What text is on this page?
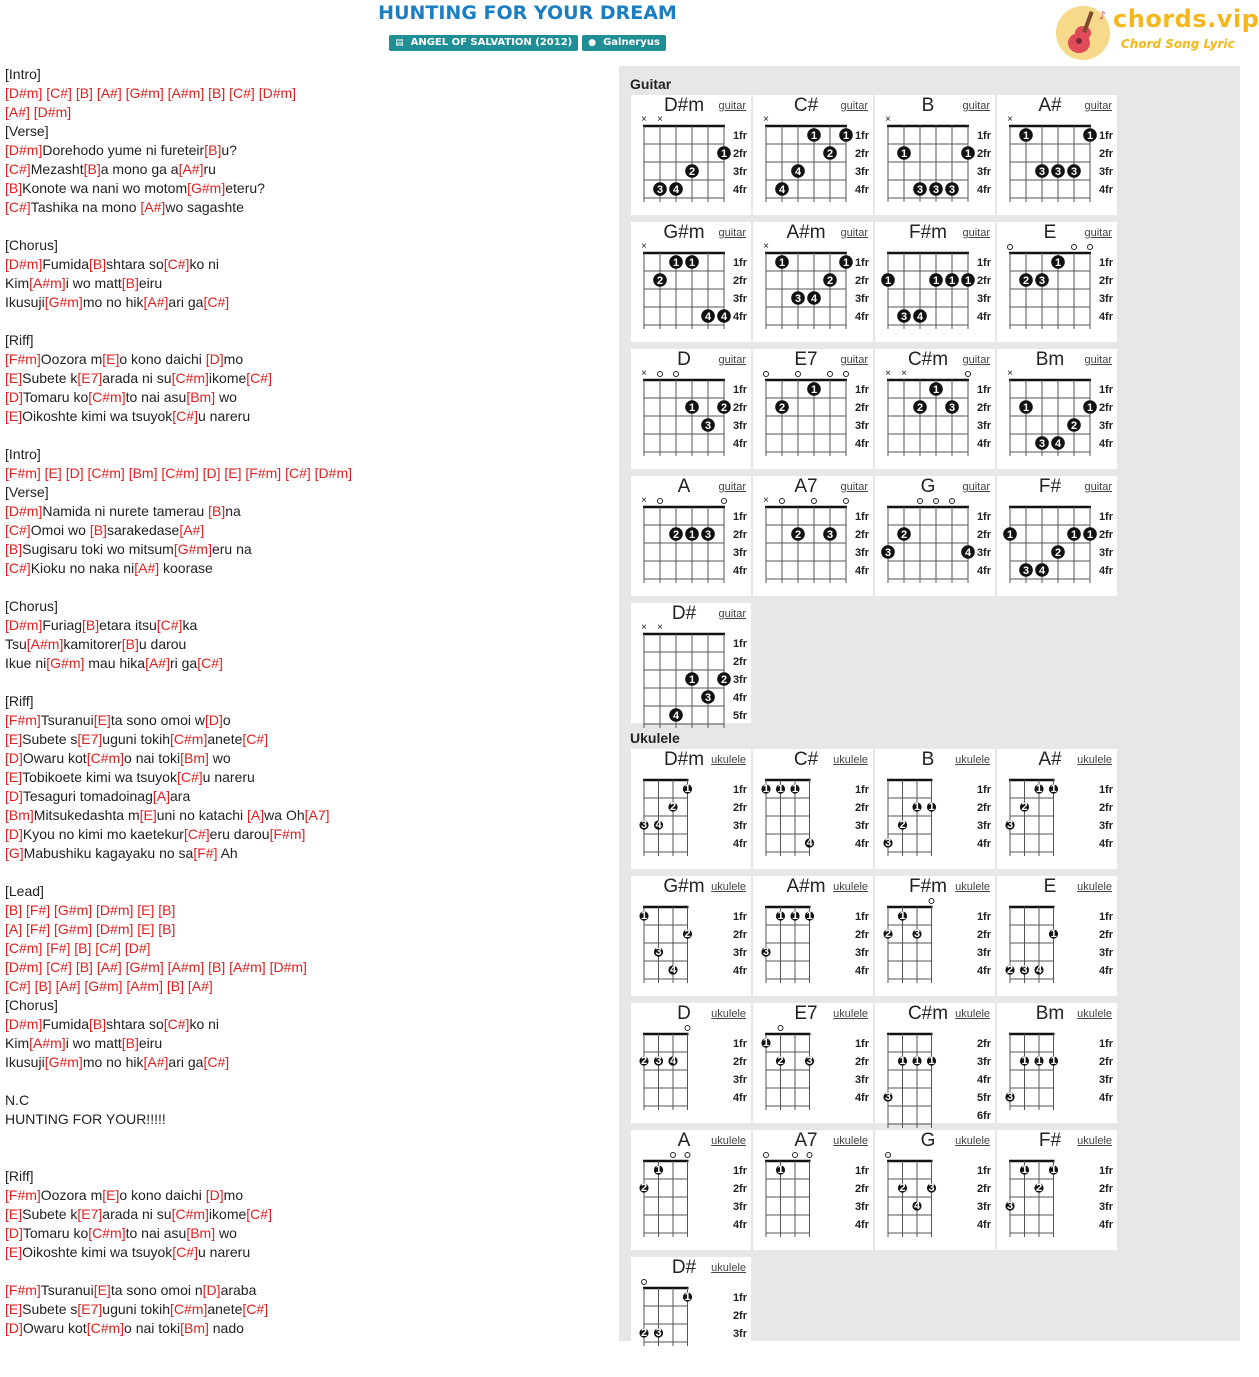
HUNTING FOR YOUR DREAM
▤ ANGEL OF SALVATION (2012) ● Galneryus
♪ chords.vip
Chord Song Lyric
[Intro]
[D#m] [C#] [B] [A#] [G#m] [A#m] [B] [C#] [D#m]
[A#] [D#m]
[Verse]
[D#m]Dorehodo yume ni fureteir[B]u?
[C#]Mezasht[B]a mono ga a[A#]ru
[B]Konote wa nani wo motom[G#m]eteru?
[C#]Tashika na mono [A#]wo sagashte

[Chorus]
[D#m]Fumida[B]shtara so[C#]ko ni
Kim[A#m]i wo matt[B]eiru
Ikusuji[G#m]mo no hik[A#]ari ga[C#]

[Riff]
[F#m]Oozora m[E]o kono daichi [D]mo
[E]Subete k[E7]arada ni su[C#m]ikome[C#]
[D]Tomaru ko[C#m]to nai asu[Bm] wo
[E]Oikoshte kimi wa tsuyok[C#]u nareru

[Intro]
[F#m] [E] [D] [C#m] [Bm] [C#m] [D] [E] [F#m] [C#] [D#m]
[Verse]
[D#m]Namida ni nurete tamerau [B]na
[C#]Omoi wo [B]sarakedase[A#]
[B]Sugisaru toki wo mitsum[G#m]eru na
[C#]Kioku no naka ni[A#] koorase

[Chorus]
[D#m]Furiag[B]etara itsu[C#]ka
Tsu[A#m]kamitorer[B]u darou
Ikue ni[G#m] mau hika[A#]ri ga[C#]

[Riff]
[F#m]Tsuranui[E]ta sono omoi w[D]o
[E]Subete s[E7]uguni tokih[C#m]anete[C#]
[D]Owaru kot[C#m]o nai toki[Bm] wo
[E]Tobikoete kimi wa tsuyok[C#]u nareru
[D]Tesaguri tomadoinag[A]ara
[Bm]Mitsukedashta m[E]uni no katachi [A]wa Oh[A7]
[D]Kyou no kimi mo kaetekur[C#]eru darou[F#m]
[G]Mabushiku kagayaku no sa[F#] Ah

[Lead]
[B] [F#] [G#m] [D#m] [E] [B]
[A] [F#] [G#m] [D#m] [E] [B]
[C#m] [F#] [B] [C#] [D#]
[D#m] [C#] [B] [A#] [G#m] [A#m] [B] [A#m] [D#m]
[C#] [B] [A#] [G#m] [A#m] [B] [A#]
[Chorus]
[D#m]Fumida[B]shtara so[C#]ko ni
Kim[A#m]i wo matt[B]eiru
Ikusuji[G#m]mo no hik[A#]ari ga[C#]

N.C
HUNTING FOR YOUR!!!!!

[Riff]
[F#m]Oozora m[E]o kono daichi [D]mo
[E]Subete k[E7]arada ni su[C#m]ikome[C#]
[D]Tomaru ko[C#m]to nai asu[Bm] wo
[E]Oikoshte kimi wa tsuyok[C#]u nareru

[F#m]Tsuranui[E]ta sono omoi n[D]araba
[E]Subete s[E7]uguni tokih[C#m]anete[C#]
[D]Owaru kot[C#m]o nai toki[Bm] nado
Guitar
Ukulele
D#m	guitar
1fr
2fr
3fr
4fr
× ×
1
2
3 4
C#	guitar
1fr
2fr
3fr
4fr
×
1 1
2
4
4
B	guitar
1fr
2fr
3fr
4fr
×
1	1
3 3 3
A#	guitar
1fr
2fr
3fr
4fr
×
1	1
3 3 3
G#m	guitar
1fr
2fr
3fr
4fr
×
1 1
2
4 4
A#m	guitar
1fr
2fr
3fr
4fr
×
1	1
2
3 4
F#m	guitar
1fr
2fr
3fr
4fr
1	1 1 1
3 4
E	guitar
1fr
2fr
3fr
4fr
1
2 3
D	guitar
1fr
2fr
3fr
4fr
×
1 2
3
E7	guitar
1fr
2fr
3fr
4fr
1
2
C#m	guitar
1fr
2fr
3fr
4fr
× ×
1
2 3
Bm	guitar
1fr
2fr
3fr
4fr
×
1	1
2
3 4
A	guitar
1fr
2fr
3fr
4fr
×
2 1 3
A7	guitar
1fr
2fr
3fr
4fr
×
2 3
G	guitar
1fr
2fr
3fr
4fr
2
3	4
F#	guitar
1fr
2fr
3fr
4fr
1	1 1
2
3 4
D#	guitar
1fr
2fr
3fr
4fr
5fr
× ×
2
3
4
1
D#m ukulele
1fr
2fr
3fr
4fr
1
2
3 4
C#	ukulele
1fr
2fr
3fr
4fr
1 1 1
4
B	ukulele
1fr
2fr
3fr
4fr
1 1
2
3
A#	ukulele
1fr
2fr
3fr
4fr
1 1
2
3
G#m ukulele
1fr
2fr
3fr
4fr
1
2
3
4
A#m ukulele
1fr
2fr
3fr
4fr
1 1 1
3
F#m ukulele
1fr
2fr
3fr
4fr
1
2 3
E	ukulele
1fr
2fr
3fr
4fr
1
2 3 4
D	ukulele
1fr
2fr
3fr
4fr
2 3 4
E7	ukulele
1fr
2fr
3fr
4fr
1
2 3
C#m ukulele
2fr
3fr
4fr
5fr
6fr
1 1 1
3
Bm	ukulele
1fr
2fr
3fr
4fr
1 1 1
3
A	ukulele
1fr
2fr
3fr
4fr
1
2
A7	ukulele
1fr
2fr
3fr
4fr
1
G	ukulele
1fr
2fr
3fr
4fr
2 3
4
F#	ukulele
1fr
2fr
3fr
4fr
1 1
2
3
D#	ukulele
1fr
2fr
3fr
1
2 3
